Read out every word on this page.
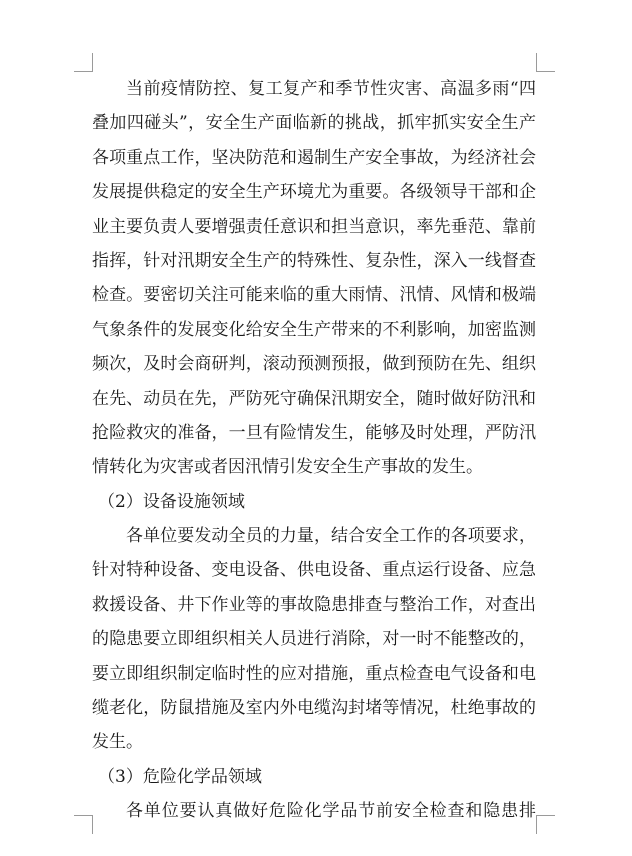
当前疫情防控、复工复产和季节性灾害、高温多雨“四
叠加四碰头”，安全生产面临新的挑战，抓牢抓实安全生产
各项重点工作，坚决防范和遏制生产安全事故，为经济社会
发展提供稳定的安全生产环境尤为重要。各级领导干部和企
业主要负责人要增强责任意识和担当意识，率先垂范、靠前
指挥，针对汛期安全生产的特殊性、复杂性，深入一线督查
检查。要密切关注可能来临的重大雨情、汛情、风情和极端
气象条件的发展变化给安全生产带来的不利影响，加密监测
频次，及时会商研判，滚动预测预报，做到预防在先、组织
在先、动员在先，严防死守确保汛期安全，随时做好防汛和
抢险救灾的准备，一旦有险情发生，能够及时处理，严防汛
情转化为灾害或者因汛情引发安全生产事故的发生。
（2）设备设施领域
各单位要发动全员的力量，结合安全工作的各项要求，
针对特种设备、变电设备、供电设备、重点运行设备、应急
救援设备、井下作业等的事故隐患排查与整治工作，对查出
的隐患要立即组织相关人员进行消除，对一时不能整改的，
要立即组织制定临时性的应对措施，重点检查电气设备和电
缆老化，防鼠措施及室内外电缆沟封堵等情况，杜绝事故的
发生。
（3）危险化学品领域
各单位要认真做好危险化学品节前安全检查和隐患排
